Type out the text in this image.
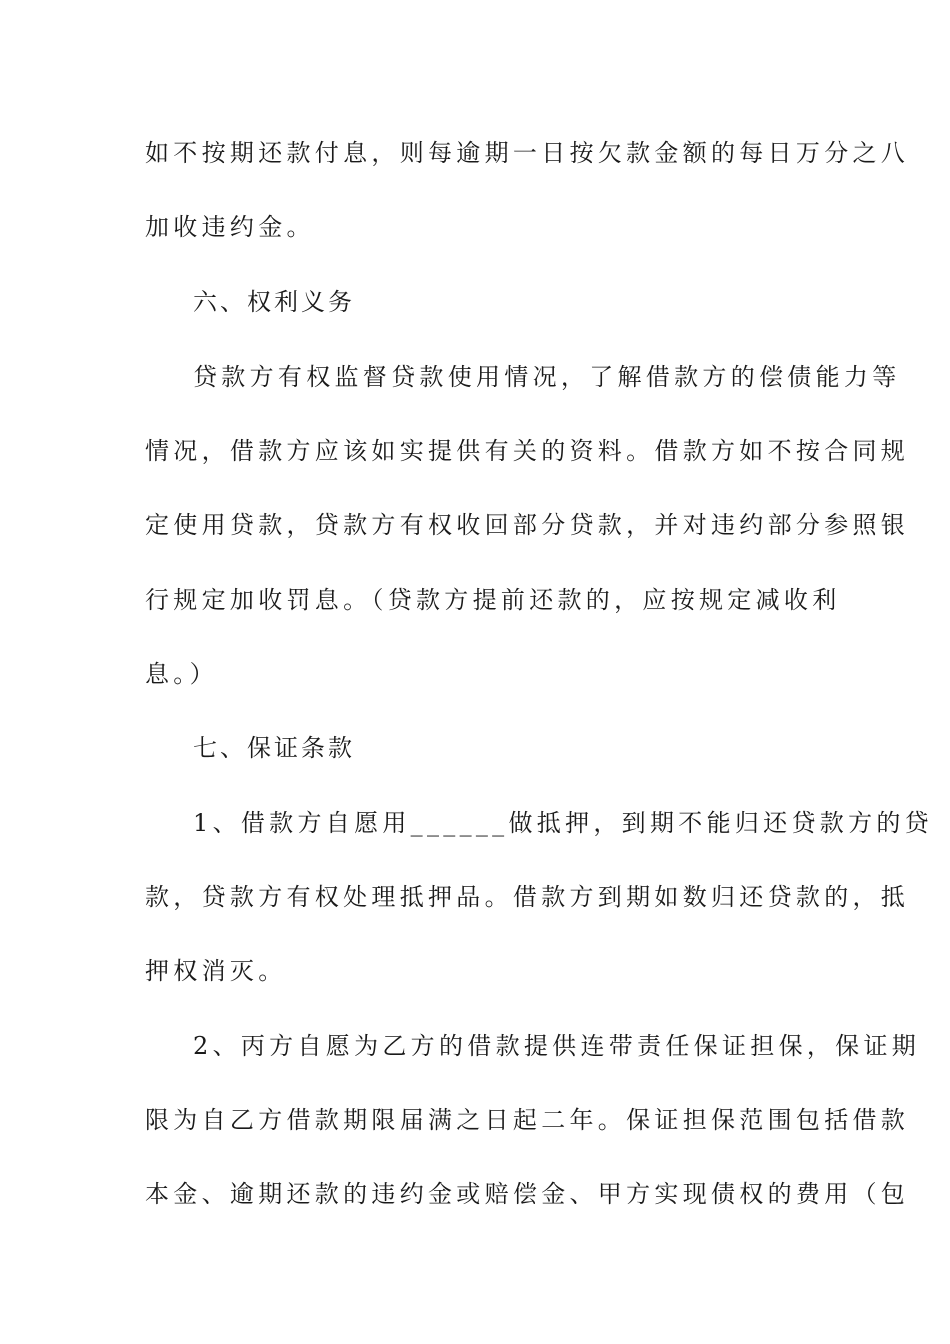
如不按期还款付息，则每逾期一日按欠款金额的每日万分之八
加收违约金。
六、权利义务
贷款方有权监督贷款使用情况，了解借款方的偿债能力等
情况，借款方应该如实提供有关的资料。借款方如不按合同规
定使用贷款，贷款方有权收回部分贷款，并对违约部分参照银
行规定加收罚息。（贷款方提前还款的，应按规定减收利
息。）
七、保证条款
1、借款方自愿用______做抵押，到期不能归还贷款方的贷
款，贷款方有权处理抵押品。借款方到期如数归还贷款的，抵
押权消灭。
2、丙方自愿为乙方的借款提供连带责任保证担保，保证期
限为自乙方借款期限届满之日起二年。保证担保范围包括借款
本金、逾期还款的违约金或赔偿金、甲方实现债权的费用（包
